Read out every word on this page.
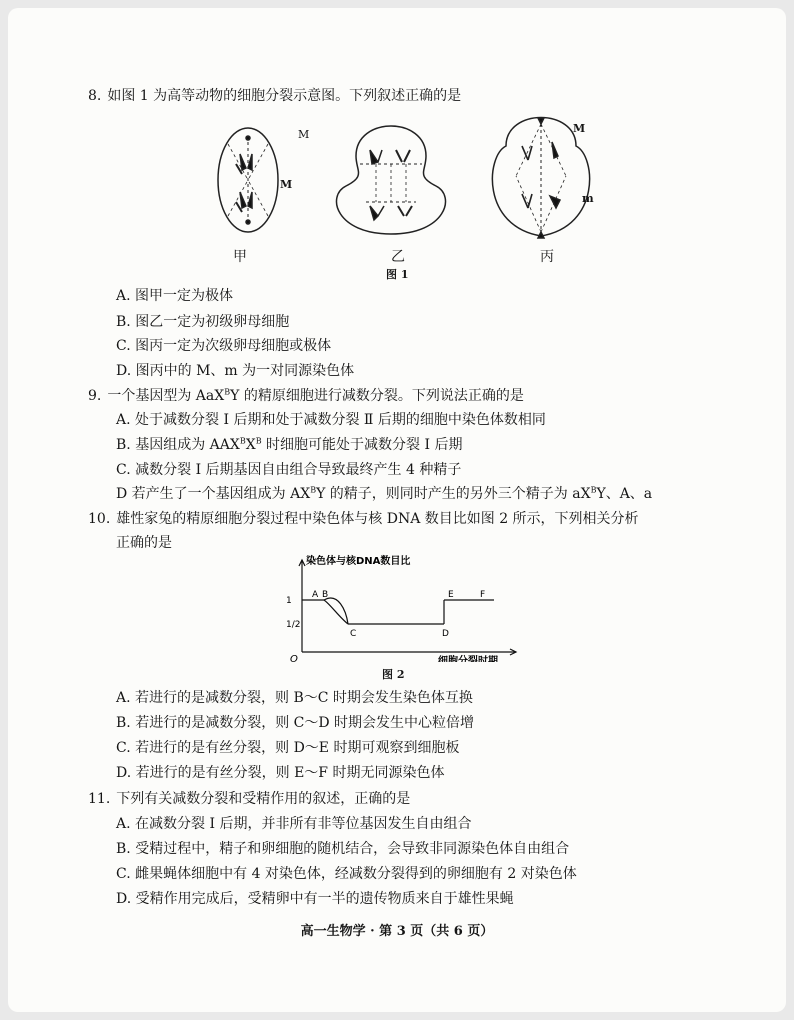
8. 如图 1 为高等动物的细胞分裂示意图。下列叙述正确的是
M
M
甲	乙	丙
M
m
图 1
A. 图甲一定为极体
B. 图乙一定为初级卵母细胞
C. 图丙一定为次级卵母细胞或极体
D. 图丙中的 M、m 为一对同源染色体
9. 一个基因型为 AaX$^B$Y 的精原细胞进行减数分裂。下列说法正确的是
A. 处于减数分裂 Ⅰ 后期和处于减数分裂 Ⅱ 后期的细胞中染色体数相同
B. 基因组成为 $AAX^BX^B$ 时细胞可能处于减数分裂 Ⅰ 后期
C. 减数分裂 Ⅰ 后期基因自由组合导致最终产生 4 种精子
D 若产生了一个基因组成为 $AX^BY$ 的精子，则同时产生的另外三个精子为 $aX^BY$、A、a
10. 雄性家兔的精原细胞分裂过程中染色体与核 DNA 数目比如图 2 所示，下列相关分析
正确的是
A B
C	D
E	F
1
1/2
O
染色体与核DNA数目比
细胞分裂时期
图 2
A. 若进行的是减数分裂，则 B～C 时期会发生染色体互换
B. 若进行的是减数分裂，则 C～D 时期会发生中心粒倍增
C. 若进行的是有丝分裂，则 D～E 时期可观察到细胞板
D. 若进行的是有丝分裂，则 E～F 时期无同源染色体
11. 下列有关减数分裂和受精作用的叙述，正确的是
A. 在减数分裂 Ⅰ 后期，并非所有非等位基因发生自由组合
B. 受精过程中，精子和卵细胞的随机结合，会导致非同源染色体自由组合
C. 雌果蝇体细胞中有 4 对染色体，经减数分裂得到的卵细胞有 2 对染色体
D. 受精作用完成后，受精卵中有一半的遗传物质来自于雄性果蝇
高一生物学 · 第 3 页（共 6 页）
